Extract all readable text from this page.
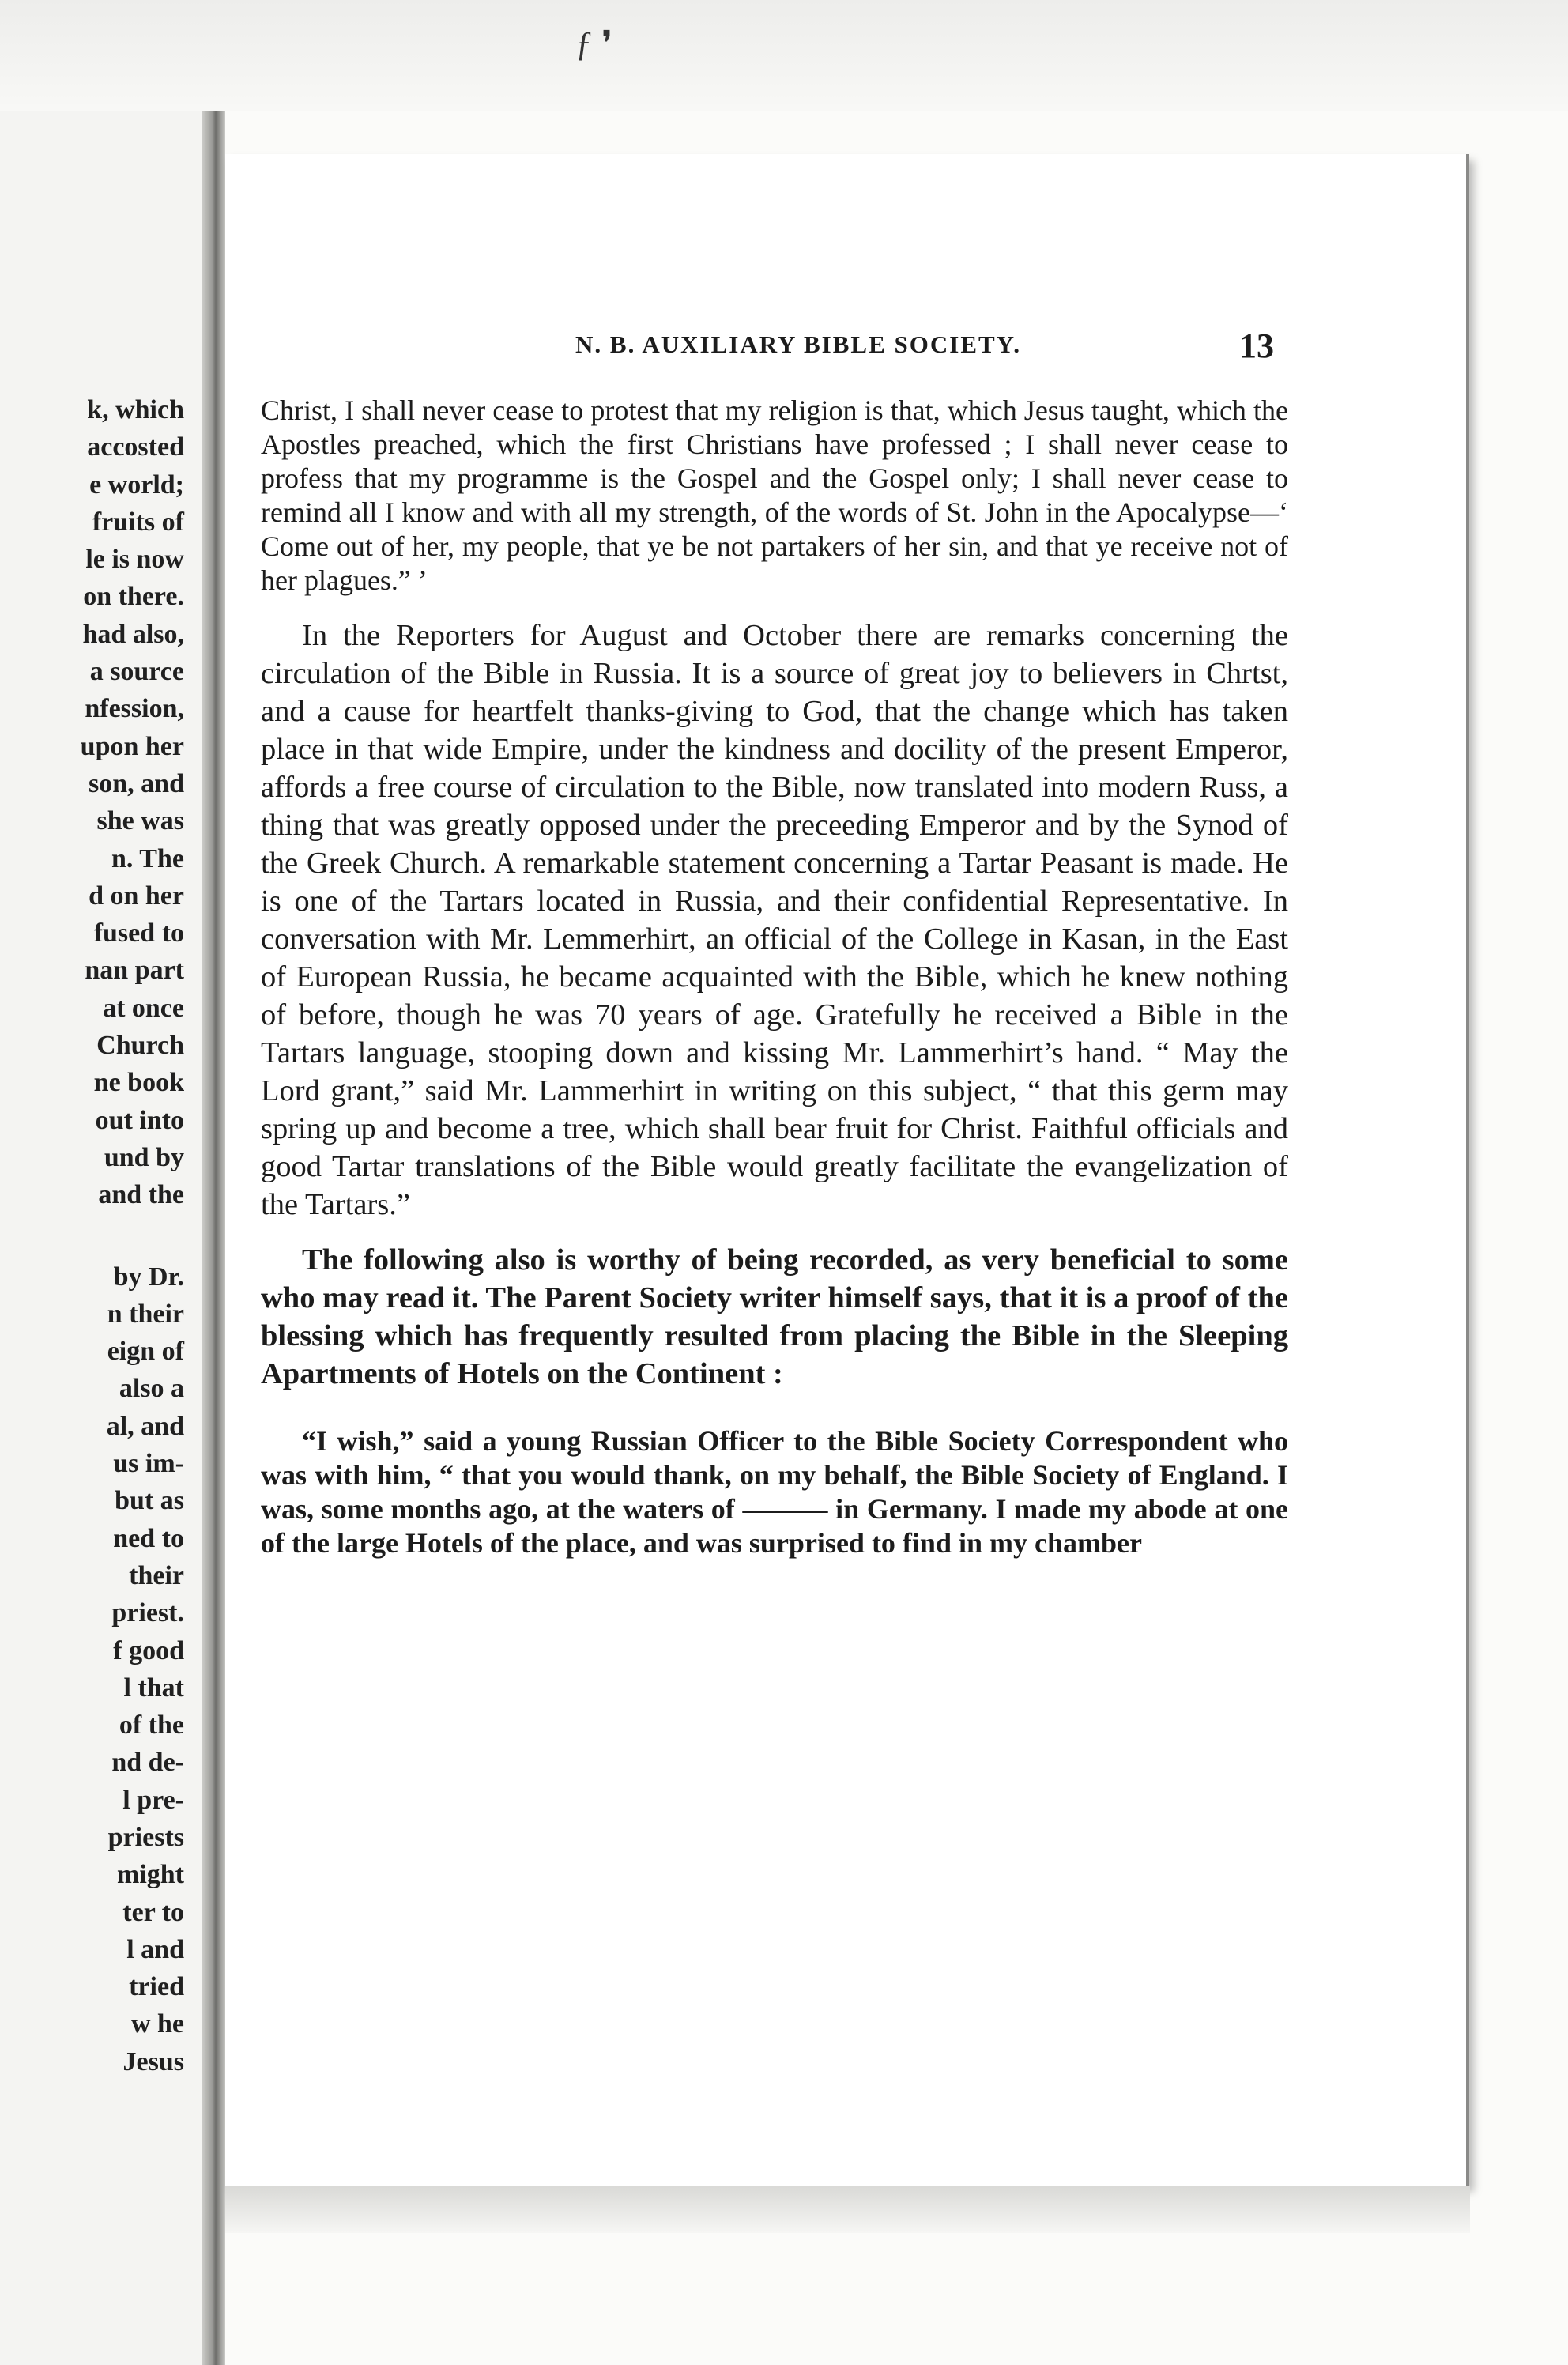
ƒ ❜
k, which
accosted
e world;
fruits of
le is now
on there.
had also,
a source
nfession,
upon her
son, and
she was
n. The
d on her
fused to
nan part
at once
Church
ne book
out into
und by
and the
by Dr.
n their
eign of
also a
al, and
us im-
but as
ned to
their
priest.
f good
l that
of the
nd de-
l pre-
priests
might
ter to
l and
tried
w he
Jesus
N. B. AUXILIARY BIBLE SOCIETY.	13

Christ, I shall never cease to protest that my religion is that, which Jesus taught, which the Apostles preached, which the first Christians have professed ; I shall never cease to profess that my programme is the Gospel and the Gospel only; I shall never cease to remind all I know and with all my strength, of the words of St. John in the Apocalypse—‘ Come out of her, my people, that ye be not partakers of her sin, and that ye receive not of her plagues.” ’

In the Reporters for August and October there are remarks concerning the circulation of the Bible in Russia. It is a source of great joy to believers in Chrtst, and a cause for heartfelt thanks-giving to God, that the change which has taken place in that wide Empire, under the kindness and docility of the present Emperor, affords a free course of circulation to the Bible, now translated into modern Russ, a thing that was greatly opposed under the preceeding Emperor and by the Synod of the Greek Church. A remarkable statement concerning a Tartar Peasant is made. He is one of the Tartars located in Russia, and their confidential Representative. In conversation with Mr. Lemmerhirt, an official of the College in Kasan, in the East of European Russia, he became acquainted with the Bible, which he knew nothing of before, though he was 70 years of age. Gratefully he received a Bible in the Tartars language, stooping down and kissing Mr. Lammerhirt’s hand. “ May the Lord grant,” said Mr. Lammerhirt in writing on this subject, “ that this germ may spring up and become a tree, which shall bear fruit for Christ. Faithful officials and good Tartar translations of the Bible would greatly facilitate the evangelization of the Tartars.”

The following also is worthy of being recorded, as very beneficial to some who may read it. The Parent Society writer himself says, that it is a proof of the blessing which has frequently resulted from placing the Bible in the Sleeping Apartments of Hotels on the Continent :

“I wish,” said a young Russian Officer to the Bible Society Correspondent who was with him, “ that you would thank, on my behalf, the Bible Society of England. I was, some months ago, at the waters of ——— in Germany. I made my abode at one of the large Hotels of the place, and was surprised to find in my chamber
